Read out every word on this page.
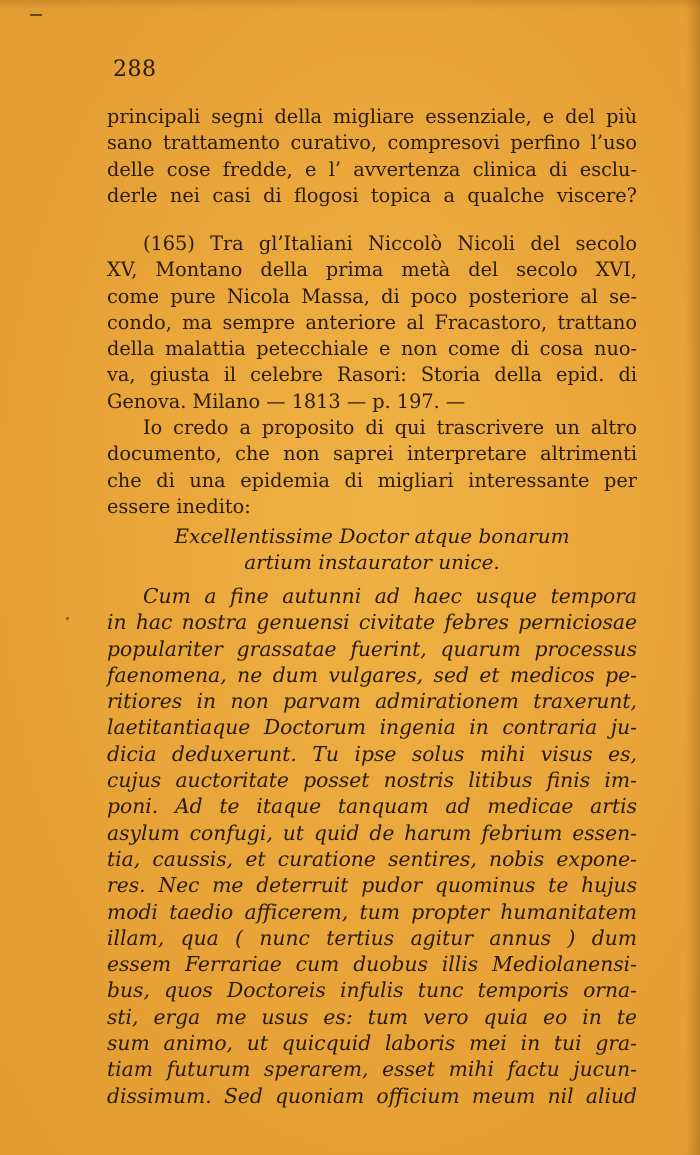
288
principali segni della migliare essenziale, e del più
sano trattamento curativo, compresovi perfino l’uso
delle cose fredde, e l’ avvertenza clinica di esclu-
derle nei casi di flogosi topica a qualche viscere?
(165) Tra gl’Italiani Niccolò Nicoli del secolo
XV, Montano della prima metà del secolo XVI,
come pure Nicola Massa, di poco posteriore al se-
condo, ma sempre anteriore al Fracastoro, trattano
della malattia petecchiale e non come di cosa nuo-
va, giusta il celebre Rasori: Storia della epid. di
Genova. Milano — 1813 — p. 197. —
Io credo a proposito di qui trascrivere un altro
documento, che non saprei interpretare altrimenti
che di una epidemia di migliari interessante per
essere inedito:
Excellentissime Doctor atque bonarum
artium instaurator unice.
Cum a fine autunni ad haec usque tempora
in hac nostra genuensi civitate febres perniciosae
populariter grassatae fuerint, quarum processus
faenomena, ne dum vulgares, sed et medicos pe-
ritiores in non parvam admirationem traxerunt,
laetitantiaque Doctorum ingenia in contraria ju-
dicia deduxerunt. Tu ipse solus mihi visus es,
cujus auctoritate posset nostris litibus finis im-
poni. Ad te itaque tanquam ad medicae artis
asylum confugi, ut quid de harum febrium essen-
tia, caussis, et curatione sentires, nobis expone-
res. Nec me deterruit pudor quominus te hujus
modi taedio afficerem, tum propter humanitatem
illam, qua ( nunc tertius agitur annus ) dum
essem Ferrariae cum duobus illis Mediolanensi-
bus, quos Doctoreis infulis tunc temporis orna-
sti, erga me usus es: tum vero quia eo in te
sum animo, ut quicquid laboris mei in tui gra-
tiam futurum sperarem, esset mihi factu jucun-
dissimum. Sed quoniam officium meum nil aliud
